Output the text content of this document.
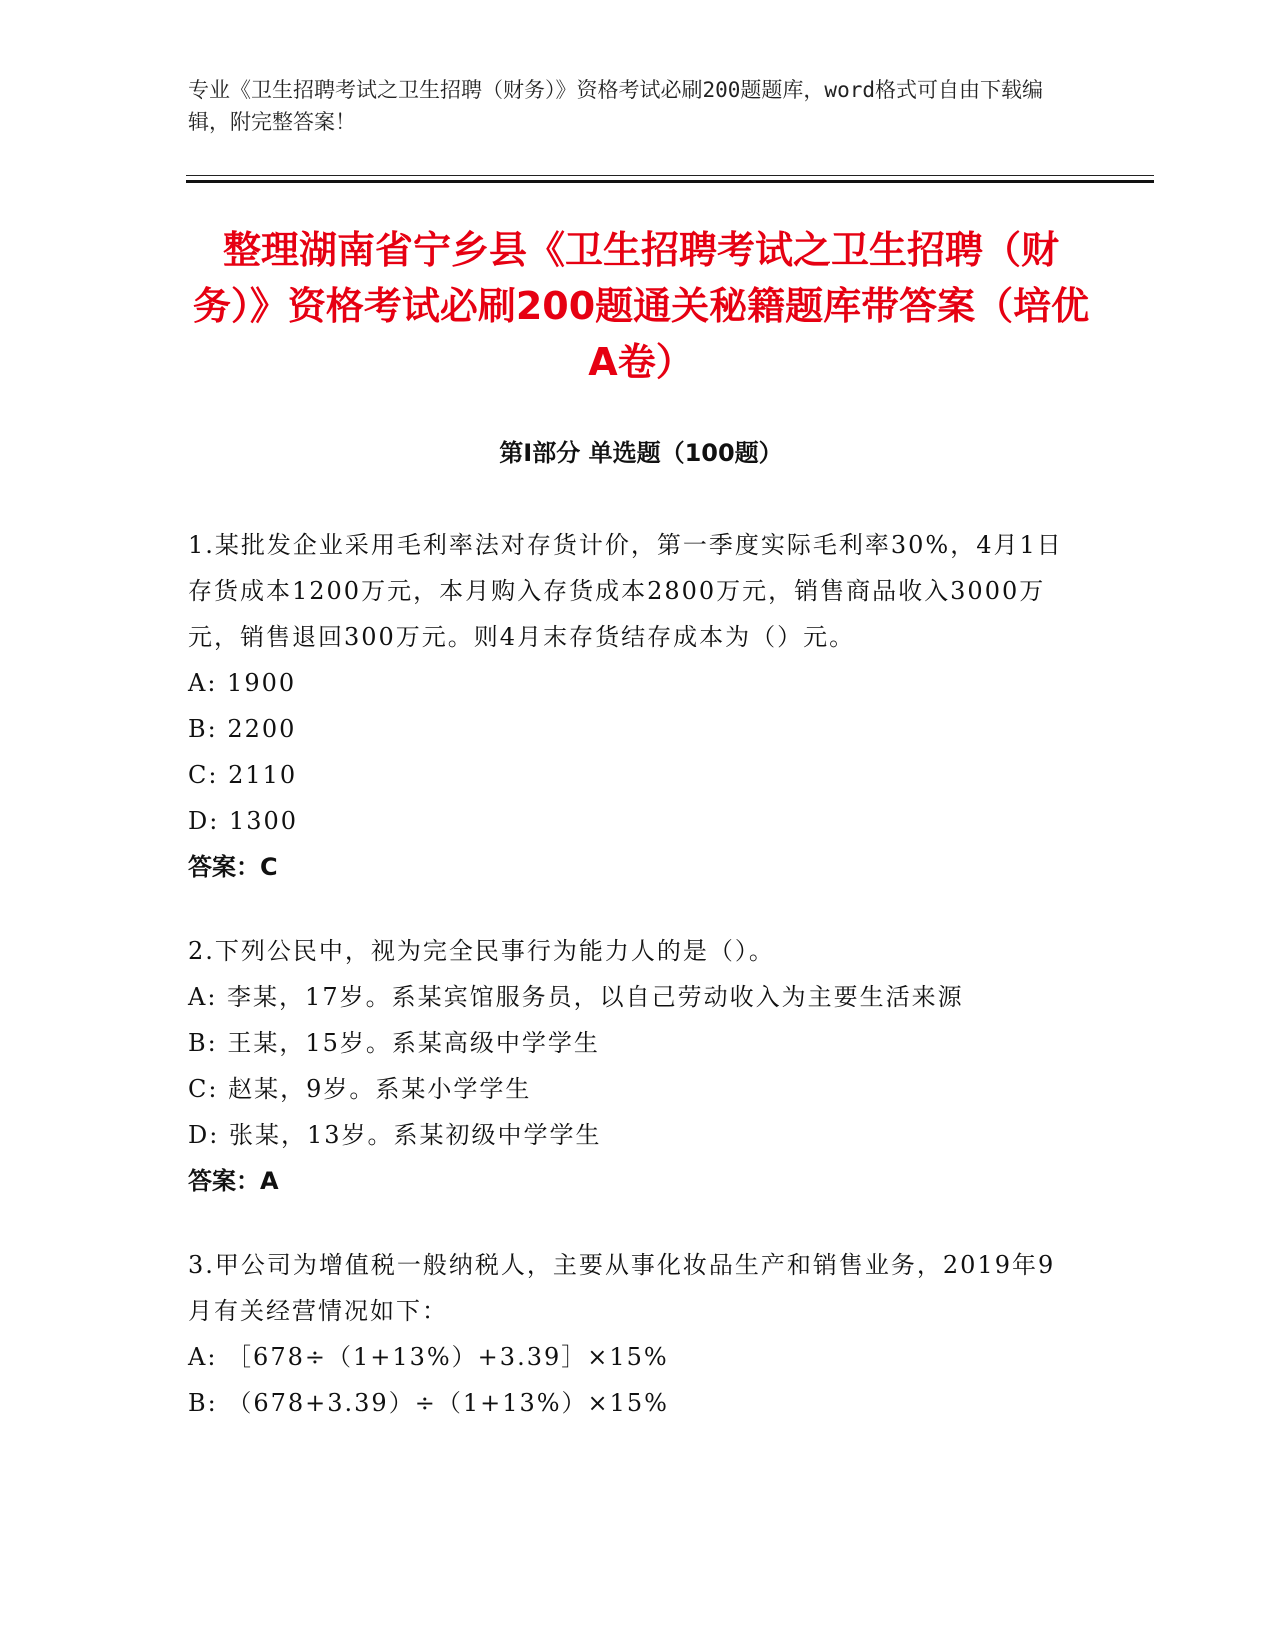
专业《卫生招聘考试之卫生招聘（财务）》资格考试必刷200题题库，word格式可自由下载编辑，附完整答案！
整理湖南省宁乡县《卫生招聘考试之卫生招聘（财务）》资格考试必刷200题通关秘籍题库带答案（培优A卷）
第I部分 单选题（100题）
1.某批发企业采用毛利率法对存货计价，第一季度实际毛利率30%，4月1日存货成本1200万元，本月购入存货成本2800万元，销售商品收入3000万元，销售退回300万元。则4月末存货结存成本为（）元。
A: 1900
B: 2200
C: 2110
D: 1300
答案：C
2.下列公民中，视为完全民事行为能力人的是（）。
A: 李某，17岁。系某宾馆服务员，以自己劳动收入为主要生活来源
B: 王某，15岁。系某高级中学学生
C: 赵某，9岁。系某小学学生
D: 张某，13岁。系某初级中学学生
答案：A
3.甲公司为增值税一般纳税人，主要从事化妆品生产和销售业务，2019年9月有关经营情况如下：
A: ［678÷（1+13%）+3.39］×15%
B: （678+3.39）÷（1+13%）×15%
